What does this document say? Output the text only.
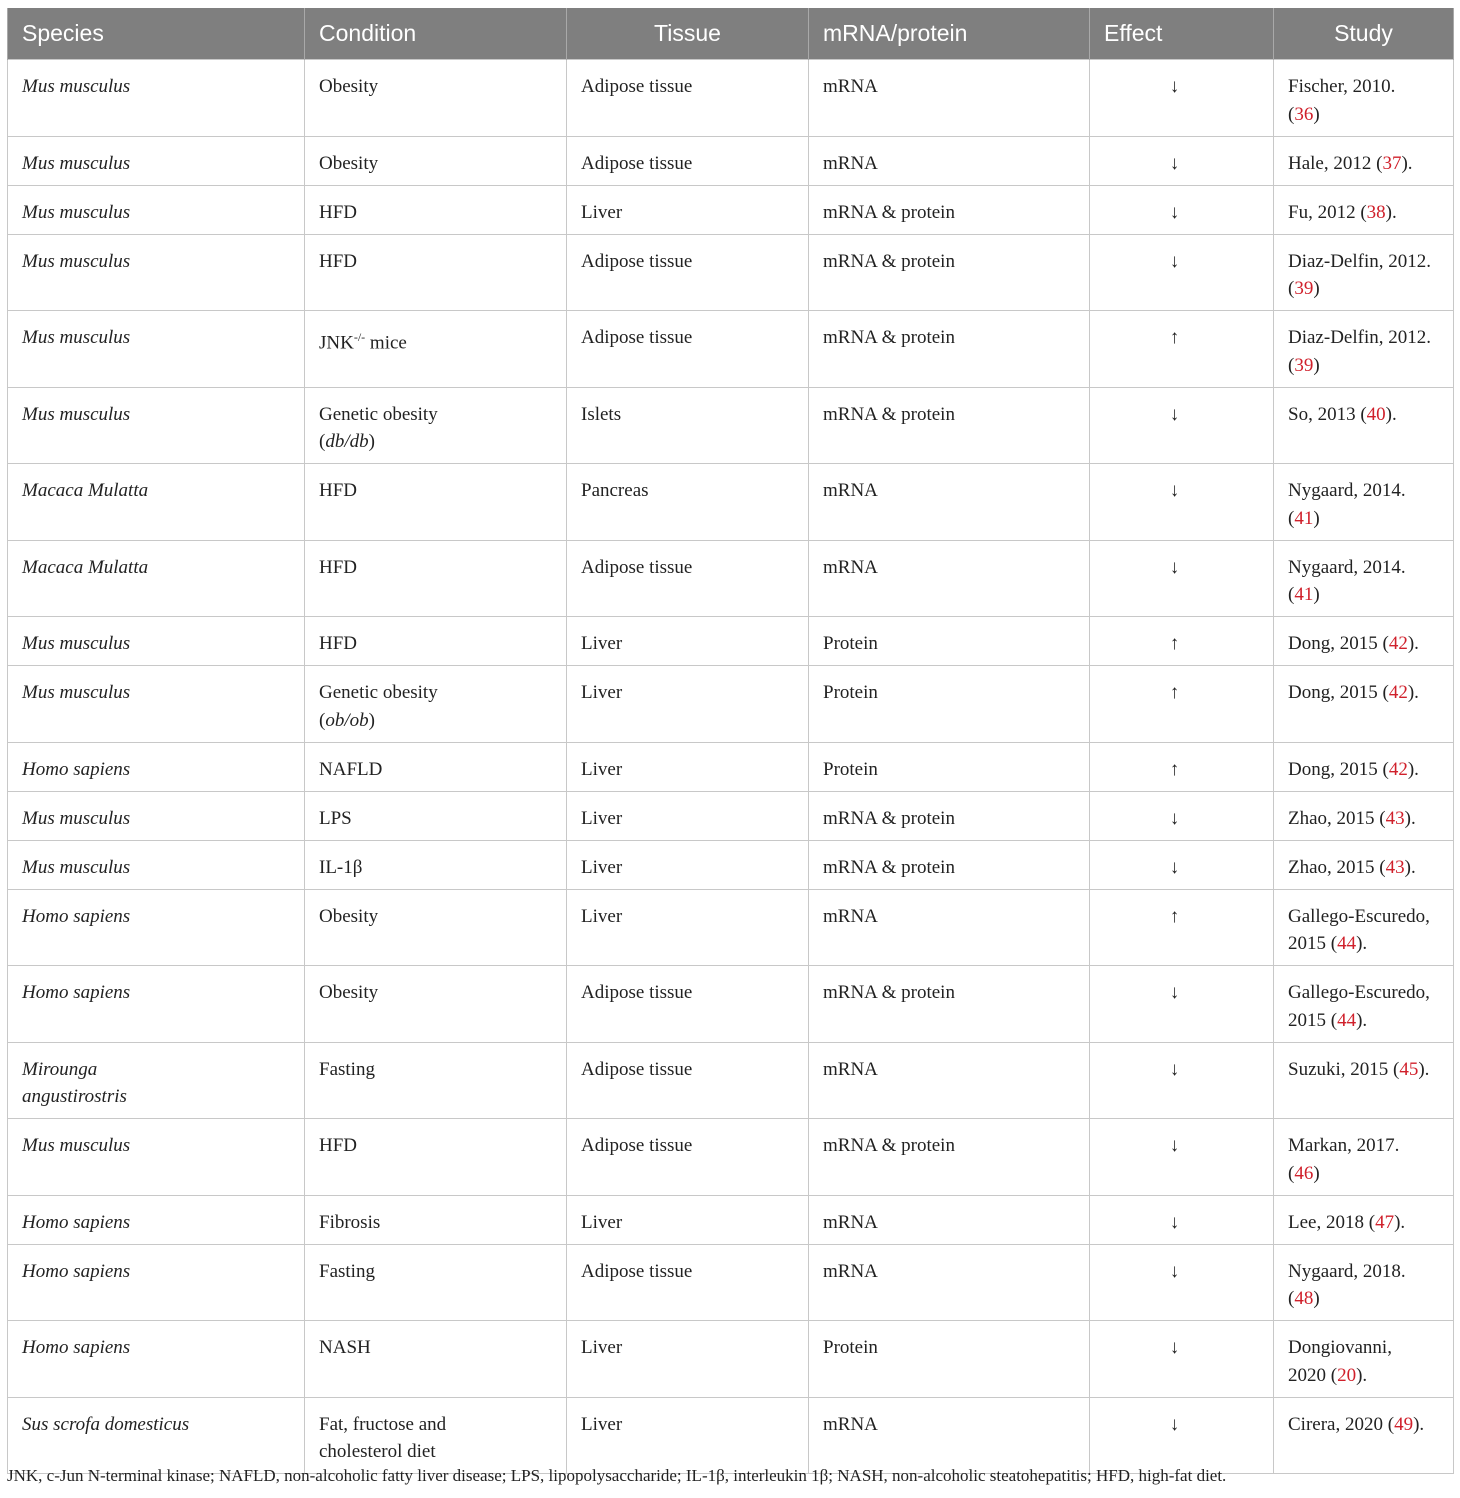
Species	Condition	Tissue	mRNA/protein	Effect	Study
Mus musculus	Obesity	Adipose tissue	mRNA	↓	Fischer, 2010.
(36)
Mus musculus	Obesity	Adipose tissue	mRNA	↓	Hale, 2012 (37).
Mus musculus	HFD	Liver	mRNA & protein	↓	Fu, 2012 (38).
Mus musculus	HFD	Adipose tissue	mRNA & protein	↓	Diaz-Delfin, 2012.
(39)
Mus musculus	JNK-/- mice	Adipose tissue	mRNA & protein	↑	Diaz-Delfin, 2012.
(39)
Mus musculus	Genetic obesity
(db/db)	Islets	mRNA & protein	↓	So, 2013 (40).
Macaca Mulatta	HFD	Pancreas	mRNA	↓	Nygaard, 2014.
(41)
Macaca Mulatta	HFD	Adipose tissue	mRNA	↓	Nygaard, 2014.
(41)
Mus musculus	HFD	Liver	Protein	↑	Dong, 2015 (42).
Mus musculus	Genetic obesity
(ob/ob)	Liver	Protein	↑	Dong, 2015 (42).
Homo sapiens	NAFLD	Liver	Protein	↑	Dong, 2015 (42).
Mus musculus	LPS	Liver	mRNA & protein	↓	Zhao, 2015 (43).
Mus musculus	IL-1β	Liver	mRNA & protein	↓	Zhao, 2015 (43).
Homo sapiens	Obesity	Liver	mRNA	↑	Gallego-Escuredo,
2015 (44).
Homo sapiens	Obesity	Adipose tissue	mRNA & protein	↓	Gallego-Escuredo,
2015 (44).
Mirounga
angustirostris	Fasting	Adipose tissue	mRNA	↓	Suzuki, 2015 (45).
Mus musculus	HFD	Adipose tissue	mRNA & protein	↓	Markan, 2017.
(46)
Homo sapiens	Fibrosis	Liver	mRNA	↓	Lee, 2018 (47).
Homo sapiens	Fasting	Adipose tissue	mRNA	↓	Nygaard, 2018.
(48)
Homo sapiens	NASH	Liver	Protein	↓	Dongiovanni,
2020 (20).
Sus scrofa domesticus	Fat, fructose and
cholesterol diet	Liver	mRNA	↓	Cirera, 2020 (49).
JNK, c-Jun N-terminal kinase; NAFLD, non-alcoholic fatty liver disease; LPS, lipopolysaccharide; IL-1β, interleukin 1β; NASH, non-alcoholic steatohepatitis; HFD, high-fat diet.
